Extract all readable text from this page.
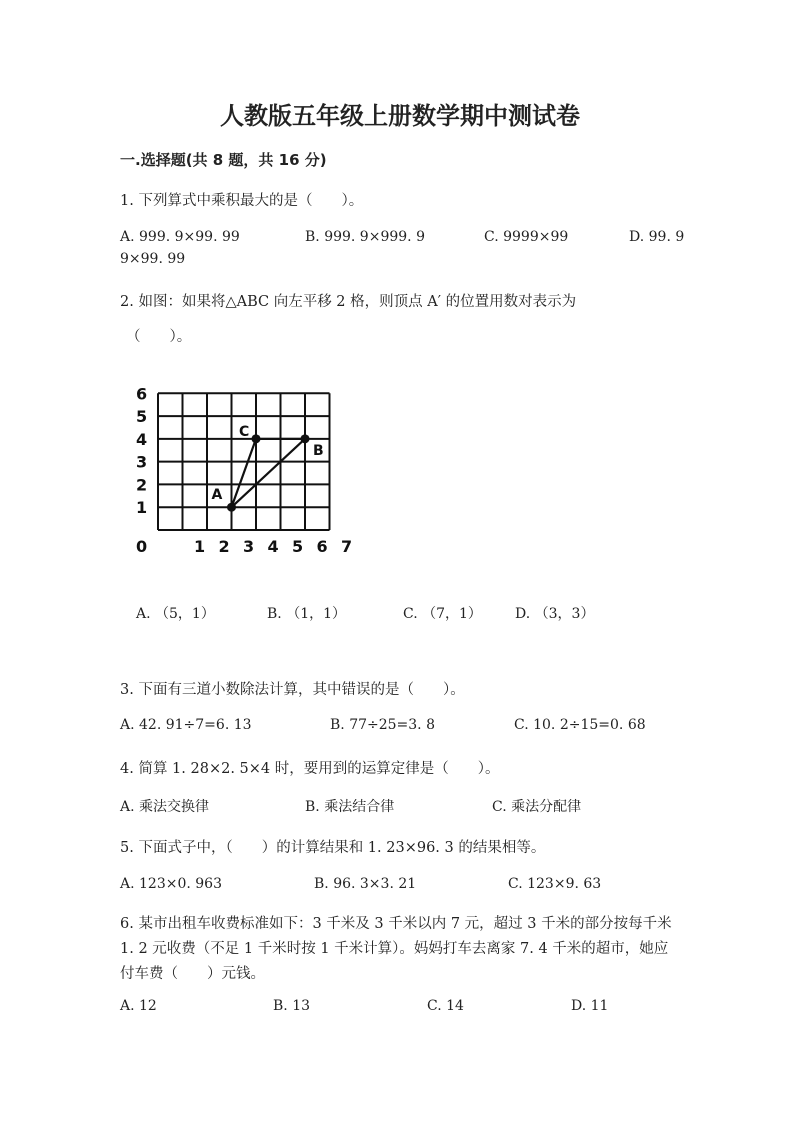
人教版五年级上册数学期中测试卷
一.选择题(共 8 题，共 16 分)
1. 下列算式中乘积最大的是（　　）。
A. 999. 9×99. 99	B. 999. 9×999. 9	C. 9999×99	D. 99. 9
9×99. 99
2. 如图：如果将△ABC 向左平移 2 格，则顶点 A′ 的位置用数对表示为
（　　）。
1
2
3
4
5
6
0	1 2 3 4 5 6 7
A
C
B
A. （5，1）	B. （1，1）	C. （7，1） D. （3，3）
3. 下面有三道小数除法计算，其中错误的是（　　）。
A. 42. 91÷7=6. 13	B. 77÷25=3. 8	C. 10. 2÷15=0. 68
4. 简算 1. 28×2. 5×4 时，要用到的运算定律是（　　）。
A. 乘法交换律	B. 乘法结合律	C. 乘法分配律
5. 下面式子中，（　　）的计算结果和 1. 23×96. 3 的结果相等。
A. 123×0. 963	B. 96. 3×3. 21	C. 123×9. 63
6. 某市出租车收费标准如下：3 千米及 3 千米以内 7 元，超过 3 千米的部分按每千米 1. 2 元收费（不足 1 千米时按 1 千米计算）。妈妈打车去离家 7. 4 千米的超市，她应付车费（　　）元钱。
A. 12	B. 13	C. 14	D. 11
